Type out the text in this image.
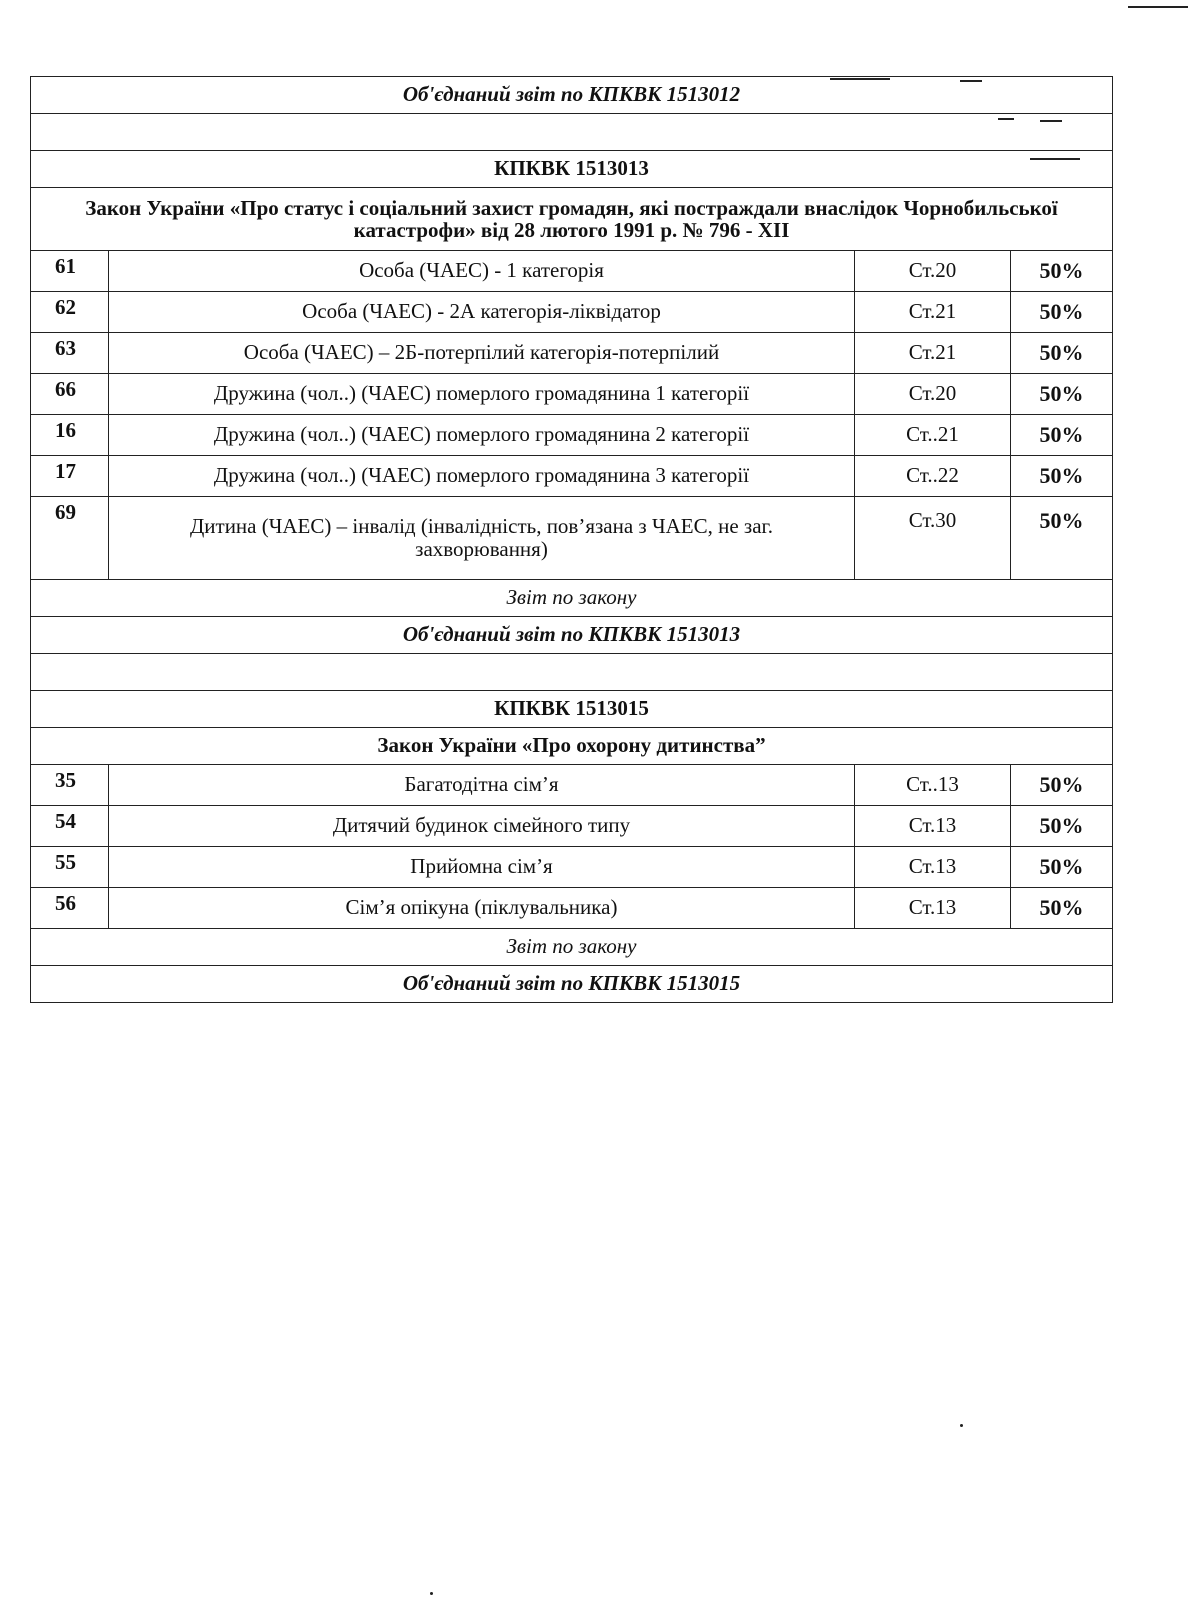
Об'єднаний звіт по КПКВК 1513012			

КПКВК 1513013			
Закон України «Про статус і соціальний захист громадян, які постраждали внаслідок Чорнобильської катастрофи» від 28 лютого 1991 р. № 796 - XII			
61	Особа (ЧАЕС) - 1 категорія	Ст.20	50%
62	Особа (ЧАЕС) - 2А категорія-ліквідатор	Ст.21	50%
63	Особа (ЧАЕС) – 2Б-потерпілий категорія-потерпілий	Ст.21	50%
66	Дружина (чол..) (ЧАЕС) померлого громадянина 1 категорії	Ст.20	50%
16	Дружина (чол..) (ЧАЕС) померлого громадянина 2 категорії	Ст..21	50%
17	Дружина (чол..) (ЧАЕС) померлого громадянина 3 категорії	Ст..22	50%
69	Дитина (ЧАЕС) – інвалід (інвалідність, пов’язана з ЧАЕС, не заг. захворювання)	Ст.30	50%
Звіт по закону			
Об'єднаний звіт по КПКВК 1513013			

КПКВК 1513015			
Закон України «Про охорону дитинства”			
35	Багатодітна сім’я	Ст..13	50%
54	Дитячий будинок сімейного типу	Ст.13	50%
55	Прийомна сім’я	Ст.13	50%
56	Сім’я опікуна (піклувальника)	Ст.13	50%
Звіт по закону			
Об'єднаний звіт по КПКВК 1513015			
